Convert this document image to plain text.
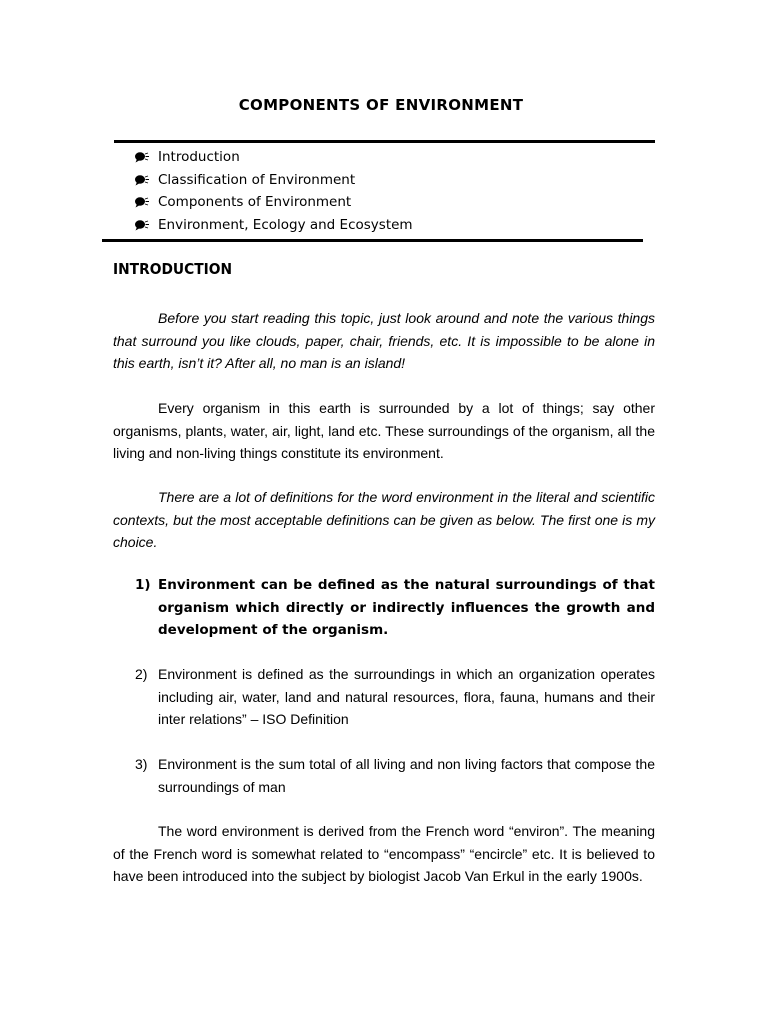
COMPONENTS OF ENVIRONMENT
Introduction
Classification of Environment
Components of Environment
Environment, Ecology and Ecosystem
INTRODUCTION

Before you start reading this topic, just look around and note the various things that surround you like clouds, paper, chair, friends, etc. It is impossible to be alone in this earth, isn’t it? After all, no man is an island!

Every organism in this earth is surrounded by a lot of things; say other organisms, plants, water, air, light, land etc. These surroundings of the organism, all the living and non-living things constitute its environment.

There are a lot of definitions for the word environment in the literal and scientific contexts, but the most acceptable definitions can be given as below. The first one is my choice.

1) Environment can be defined as the natural surroundings of that organism which directly or indirectly influences the growth and development of the organism.
2) Environment is defined as the surroundings in which an organization operates including air, water, land and natural resources, flora, fauna, humans and their inter relations” – ISO Definition
3) Environment is the sum total of all living and non living factors that compose the surroundings of man

The word environment is derived from the French word “environ”. The meaning of the French word is somewhat related to “encompass” “encircle” etc. It is believed to have been introduced into the subject by biologist Jacob Van Erkul in the early 1900s.
